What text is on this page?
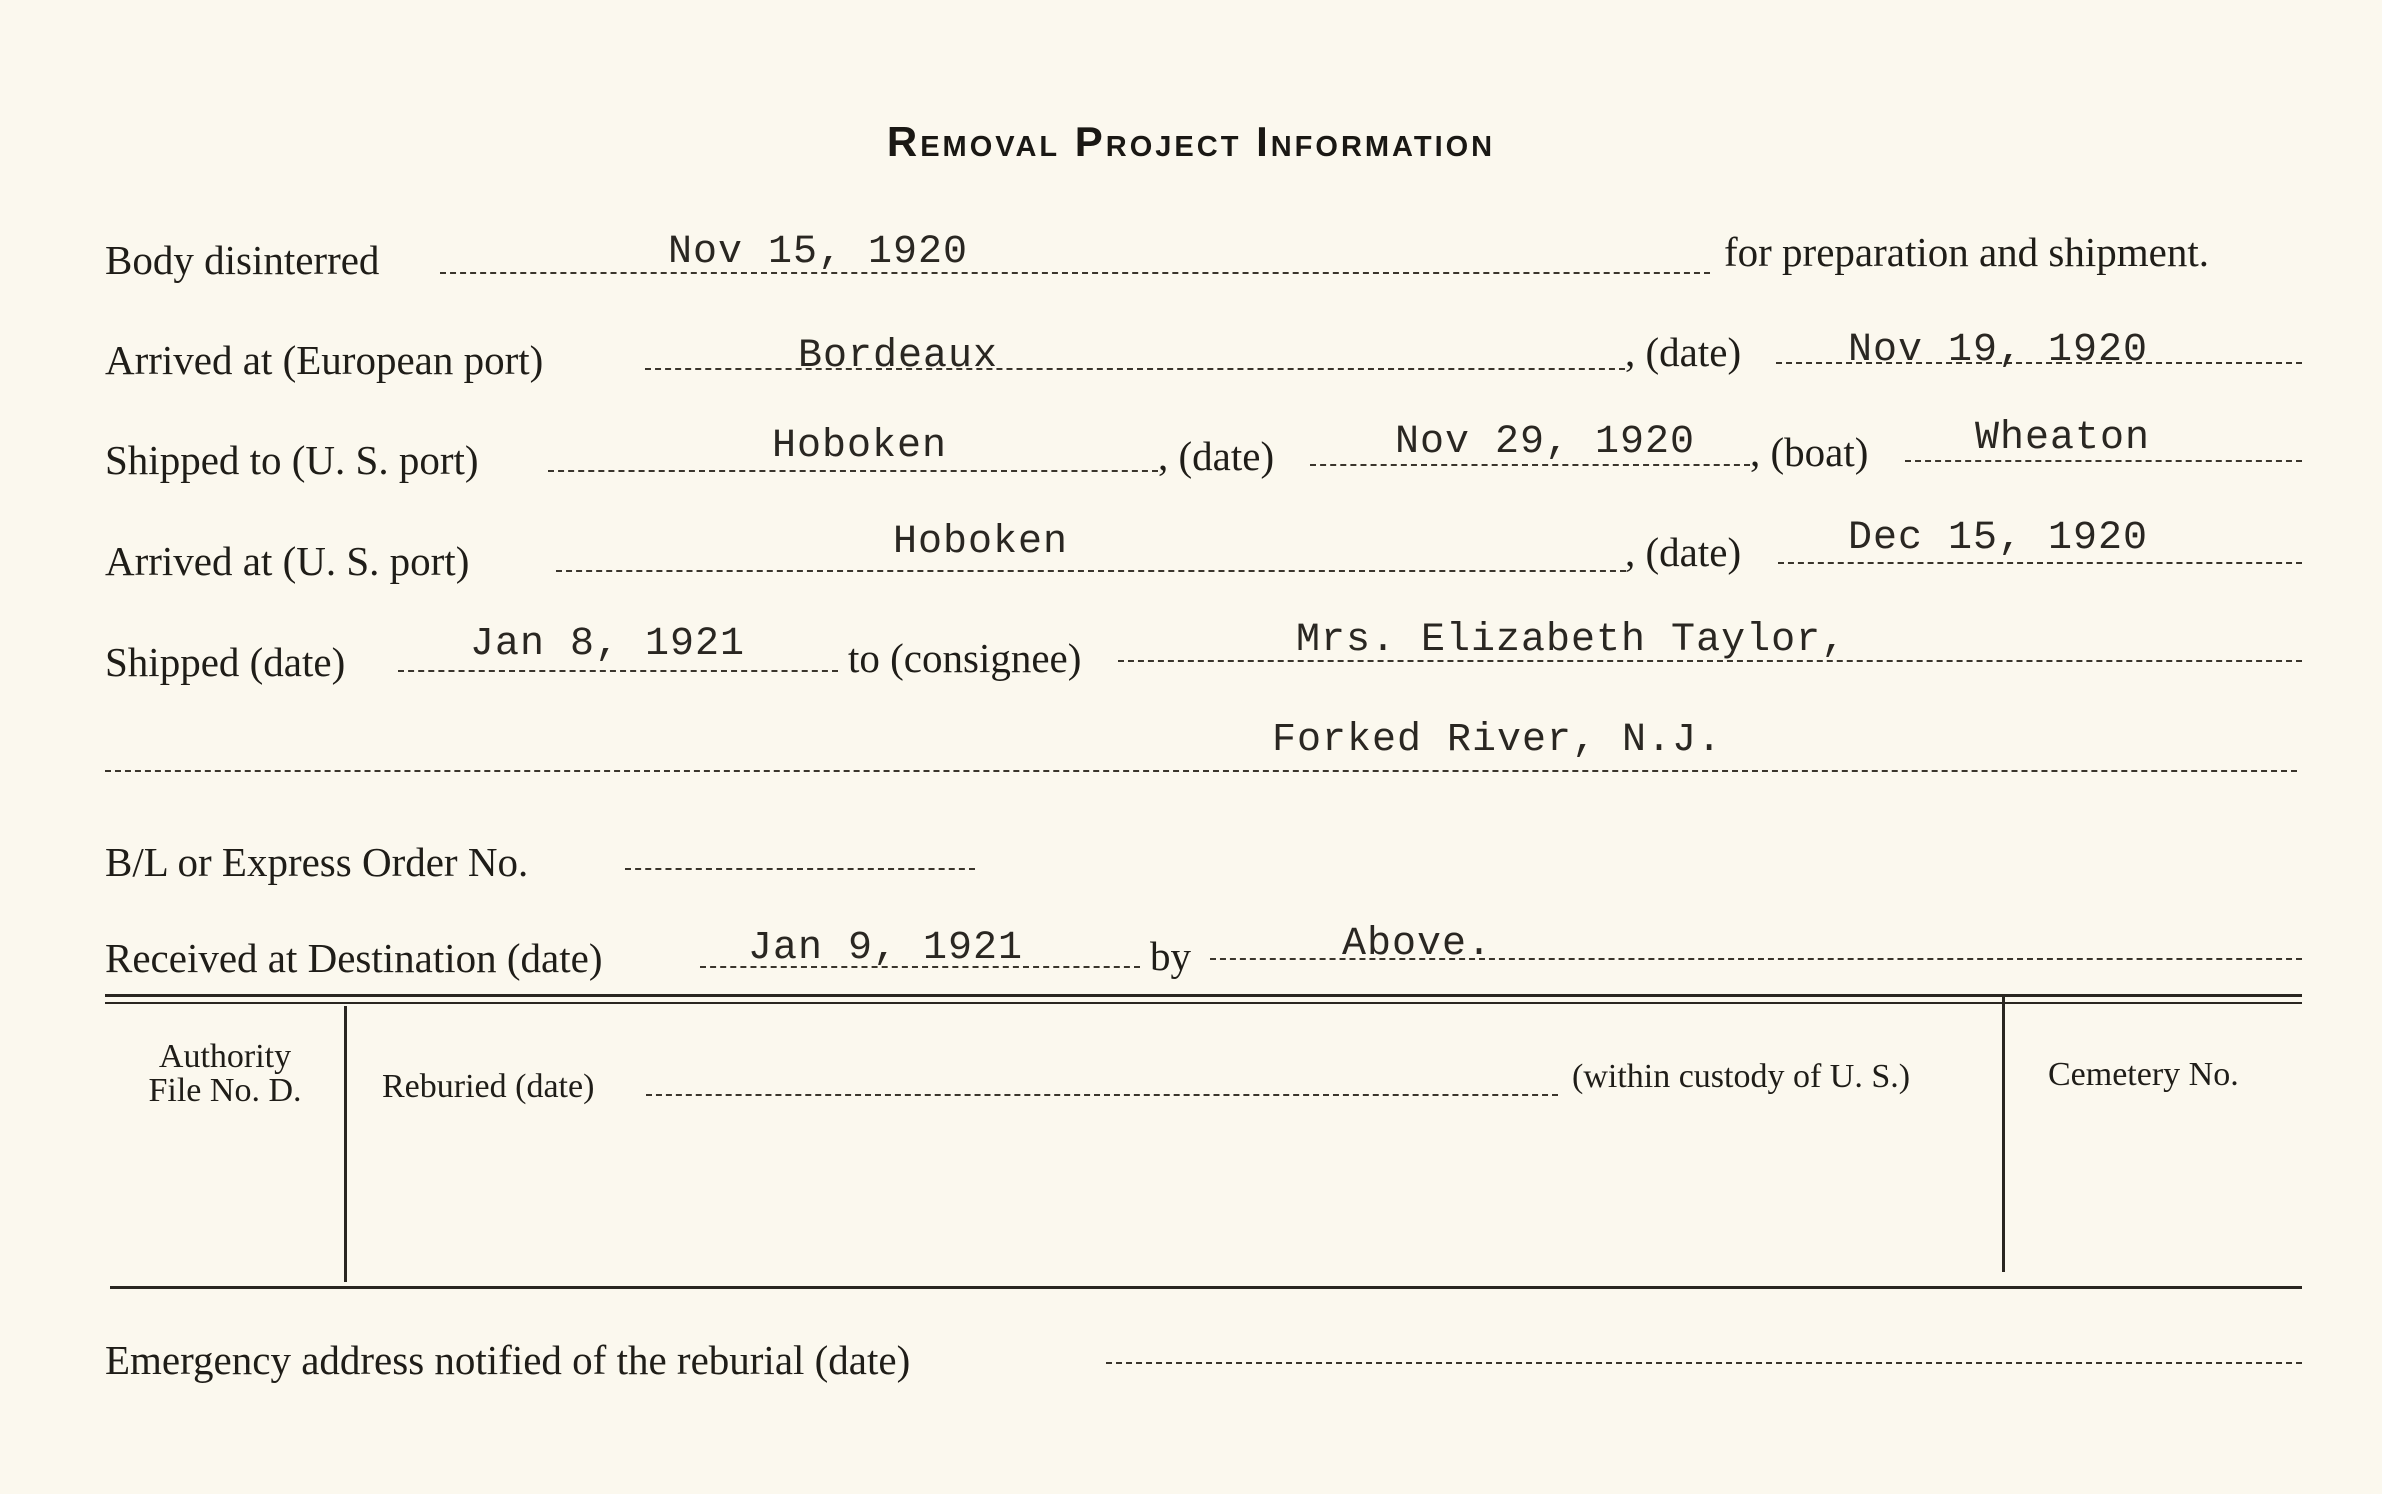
Removal Project Information
Body disinterred	Nov 15, 1920	for preparation and shipment.
Arrived at (European port)	Bordeaux	, (date)	Nov 19, 1920
Shipped to (U. S. port)	Hoboken	, (date)	Nov 29, 1920 , (boat)	Wheaton
Arrived at (U. S. port)	Hoboken	, (date)	Dec 15, 1920
Shipped (date)	Jan 8, 1921	to (consignee)	Mrs. Elizabeth Taylor,
Forked River, N.J.
B/L or Express Order No.
Received at Destination (date)	Jan 9, 1921	by	Above.
Authority
File No. D.	Reburied (date)	(within custody of U. S.)	Cemetery No.
Emergency address notified of the reburial (date)
